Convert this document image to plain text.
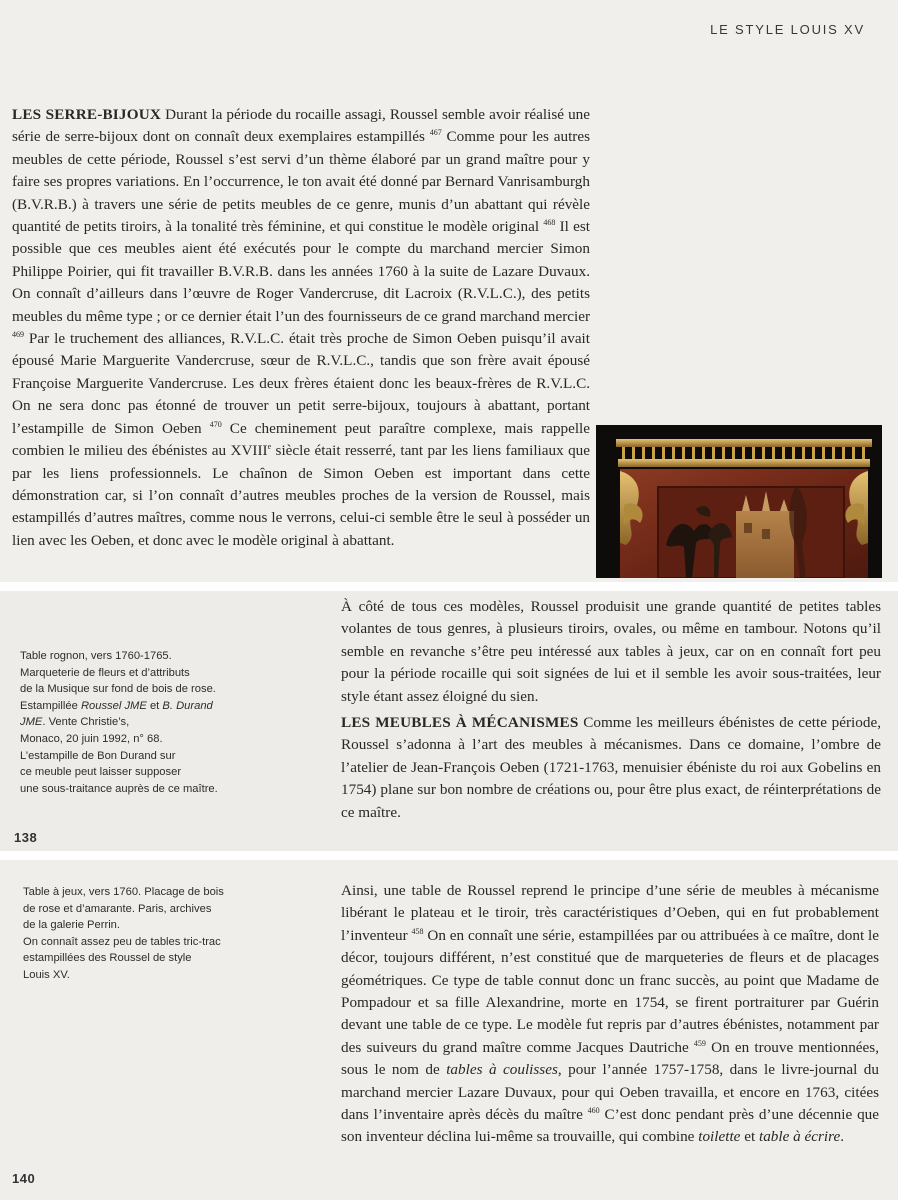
LE STYLE LOUIS XV

LES SERRE-BIJOUX Durant la période du rocaille assagi, Roussel semble avoir réalisé une série de serre-bijoux dont on connaît deux exemplaires estampillés $^{467}$ Comme pour les autres meubles de cette période, Roussel s’est servi d’un thème élaboré par un grand maître pour y faire ses propres variations. En l’occurrence, le ton avait été donné par Bernard Vanrisamburgh (B.V.R.B.) à travers une série de petits meubles de ce genre, munis d’un abattant qui révèle quantité de petits tiroirs, à la tonalité très féminine, et qui constitue le modèle original $^{468}$ Il est possible que ces meubles aient été exécutés pour le compte du marchand mercier Simon Philippe Poirier, qui fit travailler B.V.R.B. dans les années 1760 à la suite de Lazare Duvaux. On connaît d’ailleurs dans l’œuvre de Roger Vandercruse, dit Lacroix (R.V.L.C.), des petits meubles du même type ; or ce dernier était l’un des fournisseurs de ce grand marchand mercier $^{469}$ Par le truchement des alliances, R.V.L.C. était très proche de Simon Oeben puisqu’il avait épousé Marie Marguerite Vandercruse, sœur de R.V.L.C., tandis que son frère avait épousé Françoise Marguerite Vandercruse. Les deux frères étaient donc les beaux-frères de R.V.L.C. On ne sera donc pas étonné de trouver un petit serre-bijoux, toujours à abattant, portant l’estampille de Simon Oeben $^{470}$ Ce cheminement peut paraître complexe, mais rappelle combien le milieu des ébénistes au XVIIIe siècle était resserré, tant par les liens familiaux que par les liens professionnels. Le chaînon de Simon Oeben est important dans cette démonstration car, si l’on connaît d’autres meubles proches de la version de Roussel, mais estampillés d’autres maîtres, comme nous le verrons, celui-ci semble être le seul à posséder un lien avec les Oeben, et donc avec le modèle original à abattant.

Table rognon, vers 1760-1765.
Marqueterie de fleurs et d’attributs
de la Musique sur fond de bois de rose.
Estampillée Roussel JME et B. Durand
JME. Vente Christie’s,
Monaco, 20 juin 1992, n° 68.
L’estampille de Bon Durand sur
ce meuble peut laisser supposer
une sous-traitance auprès de ce maître.

À côté de tous ces modèles, Roussel produisit une grande quantité de petites tables volantes de tous genres, à plusieurs tiroirs, ovales, ou même en tambour. Notons qu’il semble en revanche s’être peu intéressé aux tables à jeux, car on en connaît fort peu pour la période rocaille qui soit signées de lui et il semble les avoir sous-traitées, leur style étant assez éloigné du sien.

LES MEUBLES À MÉCANISMES Comme les meilleurs ébénistes de cette période, Roussel s’adonna à l’art des meubles à mécanismes. Dans ce domaine, l’ombre de l’atelier de Jean-François Oeben (1721-1763, menuisier ébéniste du roi aux Gobelins en 1754) plane sur bon nombre de créations ou, pour être plus exact, de réinterprétations de ce maître.

138
Table à jeux, vers 1760. Placage de bois
de rose et d’amarante. Paris, archives
de la galerie Perrin.
On connaît assez peu de tables tric-trac
estampillées des Roussel de style
Louis XV.

Ainsi, une table de Roussel reprend le principe d’une série de meubles à mécanisme libérant le plateau et le tiroir, très caractéristiques d’Oeben, qui en fut probablement l’inventeur $^{458}$ On en connaît une série, estampillées par ou attribuées à ce maître, dont le décor, toujours différent, n’est constitué que de marqueteries de fleurs et de placages géométriques. Ce type de table connut donc un franc succès, au point que Madame de Pompadour et sa fille Alexandrine, morte en 1754, se firent portraiturer par Guérin devant une table de ce type. Le modèle fut repris par d’autres ébénistes, notamment par des suiveurs du grand maître comme Jacques Dautriche $^{459}$ On en trouve mentionnées, sous le nom de tables à coulisses, pour l’année 1757-1758, dans le livre-journal du marchand mercier Lazare Duvaux, pour qui Oeben travailla, et encore en 1763, citées dans l’inventaire après décès du maître $^{460}$ C’est donc pendant près d’une décennie que son inventeur déclina lui-même sa trouvaille, qui combine toilette et table à écrire.

140
